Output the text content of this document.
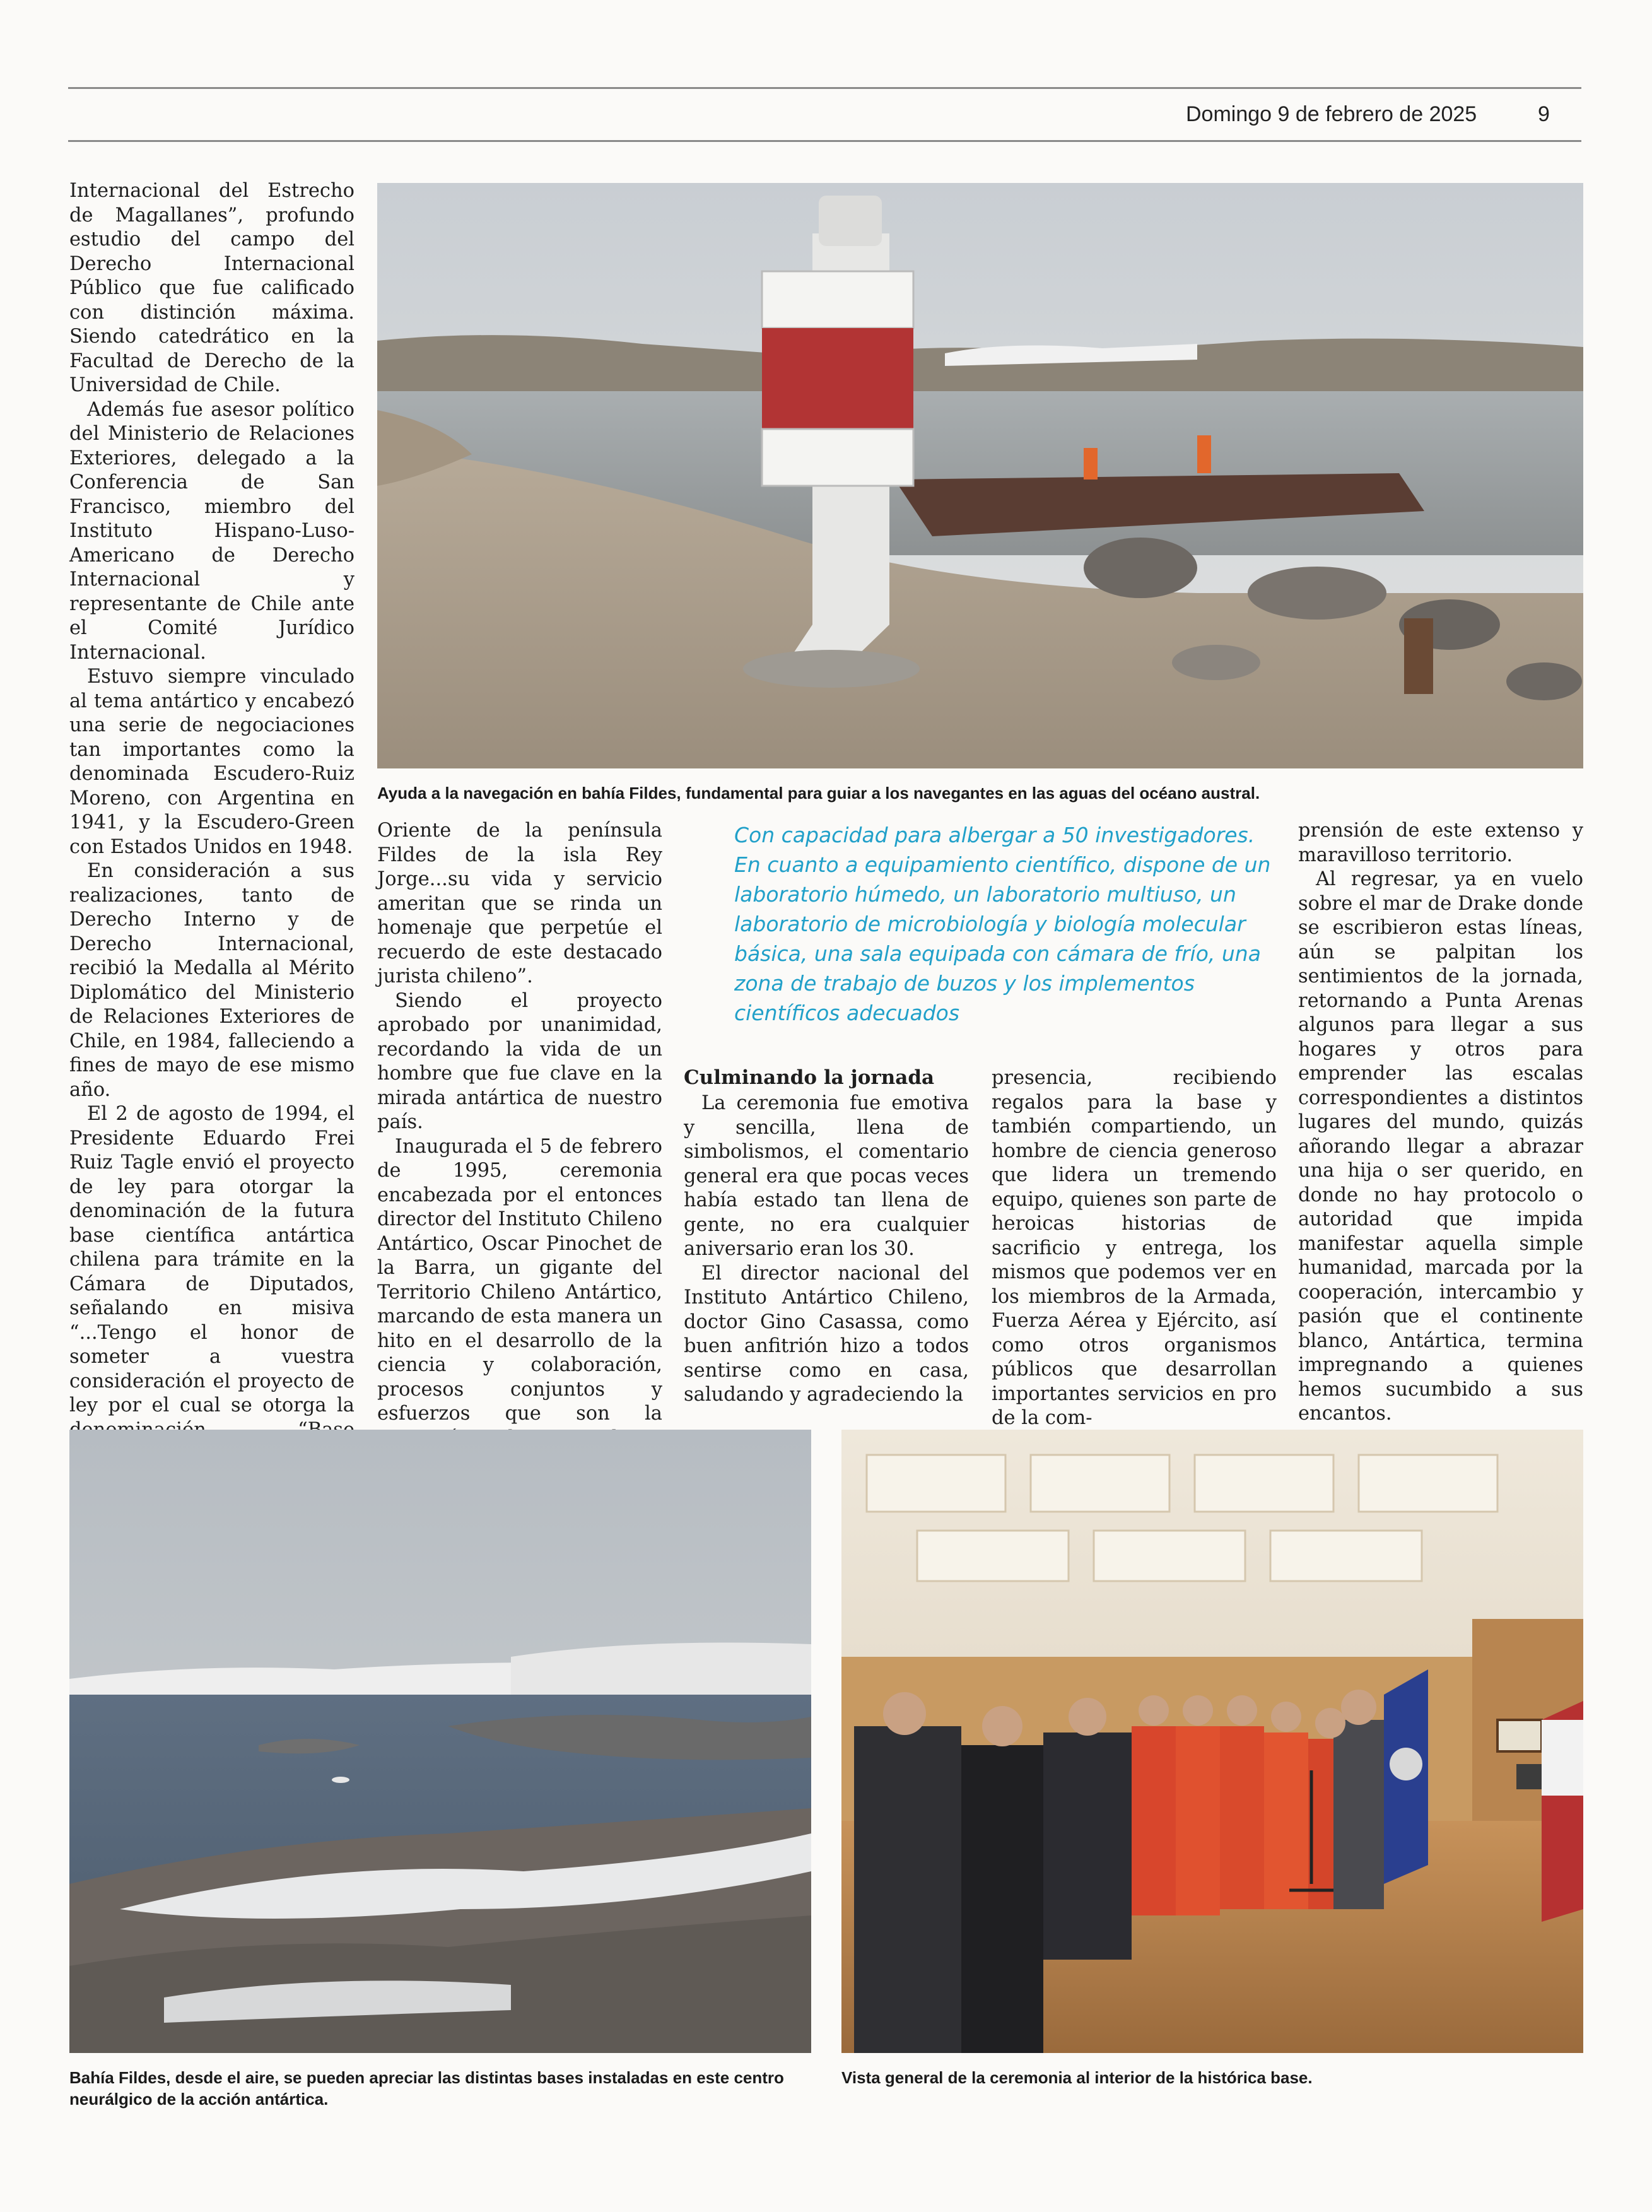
Domingo 9 de febrero de 2025	9

Internacional del Estrecho de Magallanes”, profundo estudio del campo del Derecho Internacional Público que fue calificado con distinción máxima. Siendo catedrático en la Facultad de Derecho de la Universidad de Chile.

Además fue asesor político del Ministerio de Relaciones Exteriores, delegado a la Conferencia de San Francisco, miembro del Instituto Hispano-Luso-Americano de Derecho Internacional y representante de Chile ante el Comité Jurídico Internacional.

Estuvo siempre vinculado al tema antártico y encabezó una serie de negociaciones tan importantes como la denominada Escudero-Ruiz Moreno, con Argentina en 1941, y la Escudero-Green con Estados Unidos en 1948.

En consideración a sus realizaciones, tanto de Derecho Interno y de Derecho Internacional, recibió la Medalla al Mérito Diplomático del Ministerio de Relaciones Exteriores de Chile, en 1984, falleciendo a fines de mayo de ese mismo año.

El 2 de agosto de 1994, el Presidente Eduardo Frei Ruiz Tagle envió el proyecto de ley para otorgar la denominación de la futura base científica antártica chilena para trámite en la Cámara de Diputados, señalando en misiva “...Tengo el honor de someter a vuestra consideración el proyecto de ley por el cual se otorga la

Ayuda a la navegación en bahía Fildes, fundamental para guiar a los navegantes en las aguas del océano austral.

Oriente de la península Fildes de la isla Rey Jorge...su vida y servicio ameritan que se rinda un homenaje que perpetúe el recuerdo de este destacado jurista chileno”.

Siendo el proyecto aprobado por unanimidad, recordando la vida de un hombre que fue clave en la mirada antártica de nuestro país.

Inaugurada el 5 de febrero de 1995, ceremonia encabezada por el entonces director del Instituto Chileno Antártico, Oscar Pinochet de la Barra, un gigante del Territorio Chileno Antártico, marcando de esta manera un hito en el desarrollo de la ciencia y colaboración, procesos conjuntos y esfuerzos que son la

Con capacidad para albergar a 50 investigadores. En cuanto a equipamiento científico, dispone de un laboratorio húmedo, un laboratorio multiuso, un laboratorio de microbiología y biología molecular básica, una sala equipada con cámara de frío, una zona de trabajo de buzos y los implementos científicos adecuados
Culminando la jornada

La ceremonia fue emotiva y sencilla, llena de simbolismos, el comentario general era que pocas veces había estado tan llena de gente, no era cualquier aniversario eran los 30.

El director nacional del Instituto Antártico Chileno, doctor Gino Casassa, como buen anfitrión hizo a todos sentirse como en casa, saludando y agradeciendo la

presencia, recibiendo regalos para la base y también compartiendo, un hombre de ciencia generoso que lidera un tremendo equipo, quienes son parte de heroicas historias de sacrificio y entrega, los mismos que podemos ver en los miembros de la Armada, Fuerza Aérea y Ejército, así como otros organismos públicos que desarrollan importantes servicios en pro de la com-

prensión de este extenso y maravilloso territorio.

Al regresar, ya en vuelo sobre el mar de Drake donde se escribieron estas líneas, aún se palpitan los sentimientos de la jornada, retornando a Punta Arenas algunos para llegar a sus hogares y otros para emprender las escalas correspondientes a distintos lugares del mundo, quizás añorando llegar a abrazar una hija o ser querido, en donde no hay protocolo o autoridad que impida manifestar aquella simple humanidad, marcada por la cooperación, intercambio y pasión que el continente blanco, Antártica, termina impregnando a quienes hemos sucumbido a sus encantos.

Bahía Fildes, desde el aire, se pueden apreciar las distintas bases instaladas en este centro neurálgico de la acción antártica.
Vista general de la ceremonia al interior de la histórica base.
